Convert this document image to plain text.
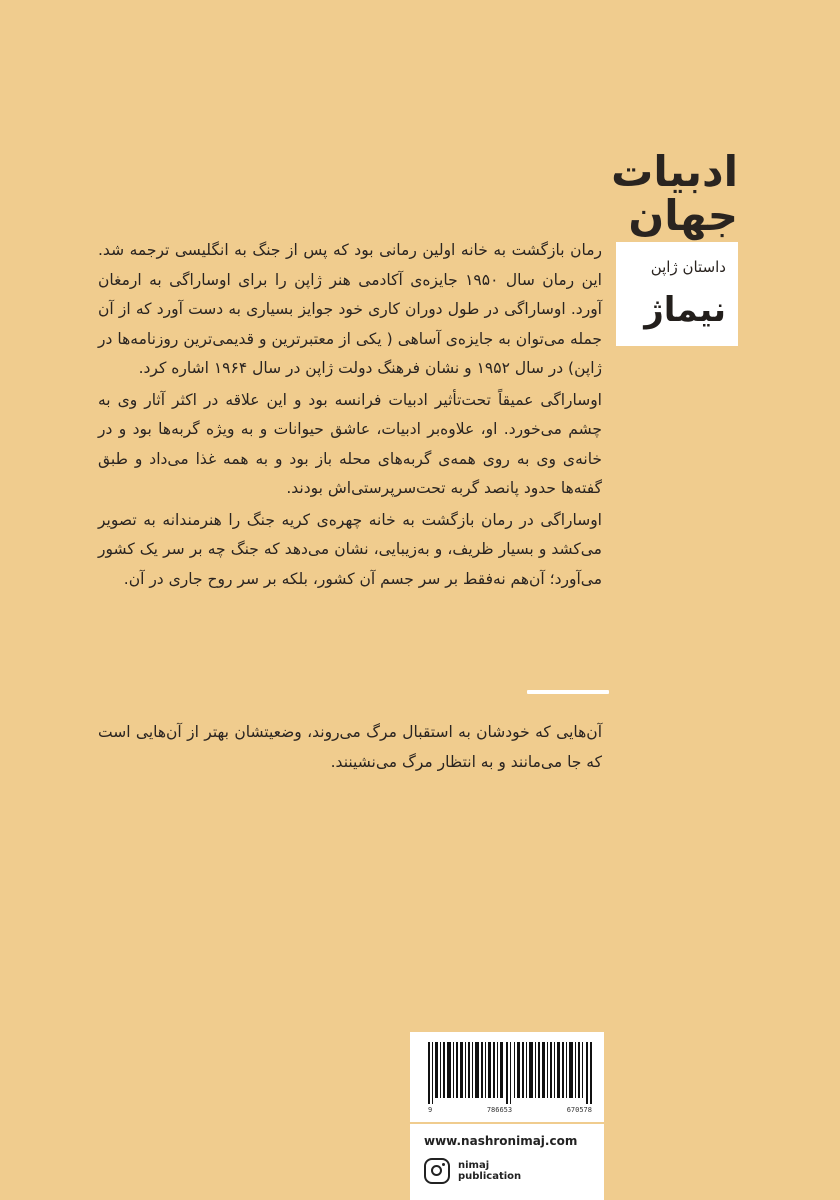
ادبیات
جهان
داستان ژاپن
نیماژ

رمان بازگشت به خانه اولین رمانی بود که پس از جنگ به انگلیسی ترجمه شد. این رمان سال ۱۹۵۰ جایزه‌ی آکادمی هنر ژاپن را برای اوساراگی به ارمغان آورد. اوساراگی در طول دوران کاری خود جوایز بسیاری به دست آورد که از آن جمله می‌توان به جایزه‌ی آساهی ( یکی از معتبرترین و قدیمی‌ترین روزنامه‌ها در ژاپن) در سال ۱۹۵۲ و نشان فرهنگ دولت ژاپن در سال ۱۹۶۴ اشاره کرد.

اوساراگی عمیقاً تحت‌تأثیر ادبیات فرانسه بود و این علاقه در اکثر آثار وی به چشم می‌خورد. او، علاوه‌بر ادبیات، عاشق حیوانات و به ویژه گربه‌ها بود و در خانه‌ی وی به روی همه‌ی گربه‌های محله باز بود و به همه غذا می‌داد و طبق گفته‌ها حدود پانصد گربه تحت‌سرپرستی‌اش بودند.

اوساراگی در رمان بازگشت به خانه چهره‌ی کریه جنگ را هنرمندانه به تصویر می‌کشد و بسیار ظریف، و به‌زیبایی، نشان می‌دهد که جنگ چه بر سر یک کشور می‌آورد؛ آن‌هم نه‌فقط بر سر جسم آن کشور، بلکه بر سر روح جاری در آن.

آن‌هایی که خودشان به استقبال مرگ می‌روند، وضعیتشان بهتر از آن‌هایی است که جا می‌مانند و به انتظار مرگ می‌نشینند.

9	786653	670578
www.nashronimaj.com
nimaj
publication
